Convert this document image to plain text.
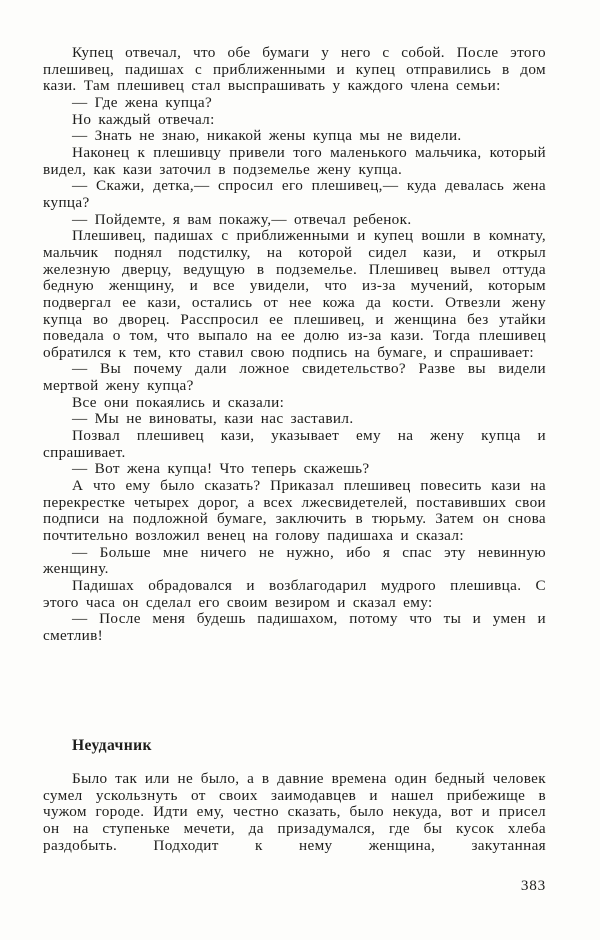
Купец отвечал, что обе бумаги у него с собой. После этого плешивец, падишах с приближенными и купец отправились в дом кази. Там плешивец стал выспрашивать у каждого члена семьи:

— Где жена купца?

Но каждый отвечал:

— Знать не знаю, никакой жены купца мы не видели.

Наконец к плешивцу привели того маленького мальчика, который видел, как кази заточил в подземелье жену купца.

— Скажи, детка,— спросил его плешивец,— куда девалась жена купца?

— Пойдемте, я вам покажу,— отвечал ребенок.

Плешивец, падишах с приближенными и купец вошли в комнату, мальчик поднял подстилку, на которой сидел кази, и открыл железную дверцу, ведущую в подземелье. Плешивец вывел оттуда бедную женщину, и все увидели, что из-за мучений, которым подвергал ее кази, остались от нее кожа да кости. Отвезли жену купца во дворец. Расспросил ее плешивец, и женщина без утайки поведала о том, что выпало на ее долю из-за кази. Тогда плешивец обратился к тем, кто ставил свою подпись на бумаге, и спрашивает:

— Вы почему дали ложное свидетельство? Разве вы видели мертвой жену купца?

Все они покаялись и сказали:

— Мы не виноваты, кази нас заставил.

Позвал плешивец кази, указывает ему на жену купца и спрашивает.

— Вот жена купца! Что теперь скажешь?

А что ему было сказать? Приказал плешивец повесить кази на перекрестке четырех дорог, а всех лжесвидетелей, поставивших свои подписи на подложной бумаге, заключить в тюрьму. Затем он снова почтительно возложил венец на голову падишаха и сказал:

— Больше мне ничего не нужно, ибо я спас эту невинную женщину.

Падишах обрадовался и возблагодарил мудрого плешивца. С этого часа он сделал его своим везиром и сказал ему:

— После меня будешь падишахом, потому что ты и умен и сметлив!

Неудачник

Было так или не было, а в давние времена один бедный человек сумел ускользнуть от своих заимодавцев и нашел прибежище в чужом городе. Идти ему, честно сказать, было некуда, вот и присел он на ступеньке мечети, да призадумался, где бы кусок хлеба раздобыть. Подходит к нему женщина, закутанная

383
